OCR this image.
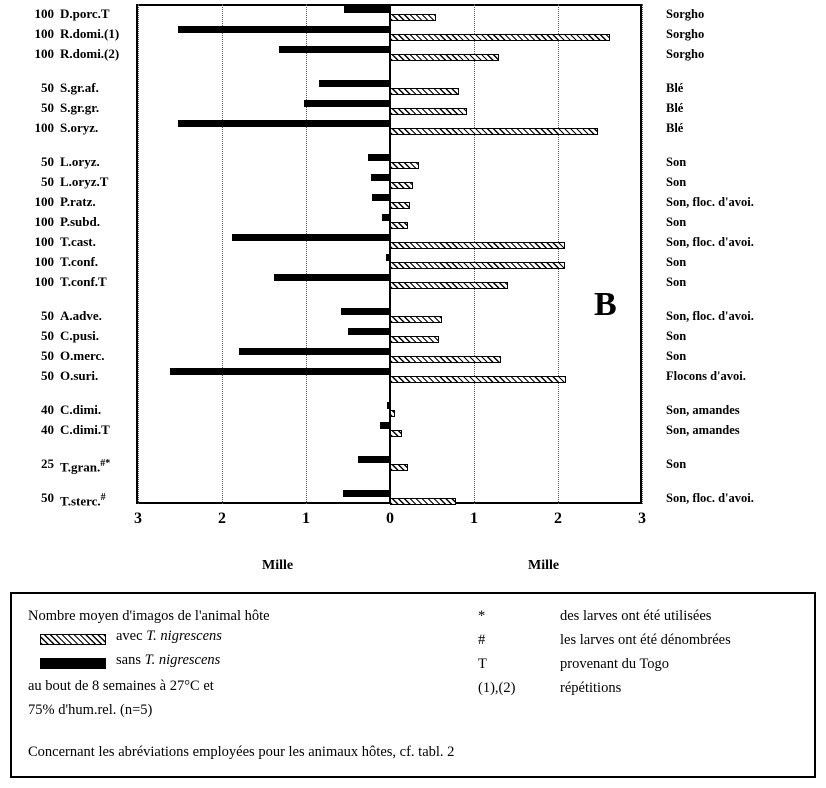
100 D.porc.T	Sorgho
100 R.domi.(1)	Sorgho
100 R.domi.(2)	Sorgho
50 S.gr.af.	Blé
50 S.gr.gr.	Blé
100 S.oryz.	Blé
50 L.oryz.	Son
50 L.oryz.T	Son
100 P.ratz.	Son, floc. d'avoi.
100 P.subd.	Son
100 T.cast.	Son, floc. d'avoi.
100 T.conf.	Son
100 T.conf.T	Son
50 A.adve.	Son, floc. d'avoi.
50 C.pusi.	Son
50 O.merc.	Son
50 O.suri.	Flocons d'avoi.
40 C.dimi.	Son, amandes
40 C.dimi.T	Son, amandes
25 T.gran.#*	Son
50 T.sterc.#	Son, floc. d'avoi.
3	2	1	0	1	2	3
B
Mille	Mille
Nombre moyen d'imagos de l'animal hôte
avec T. nigrescens
sans T. nigrescens
au bout de 8 semaines à 27°C et
75% d'hum.rel. (n=5)
*	des larves ont été utilisées
#	les larves ont été dénombrées
T	provenant du Togo
(1),(2)	répétitions
Concernant les abréviations employées pour les animaux hôtes, cf. tabl. 2
